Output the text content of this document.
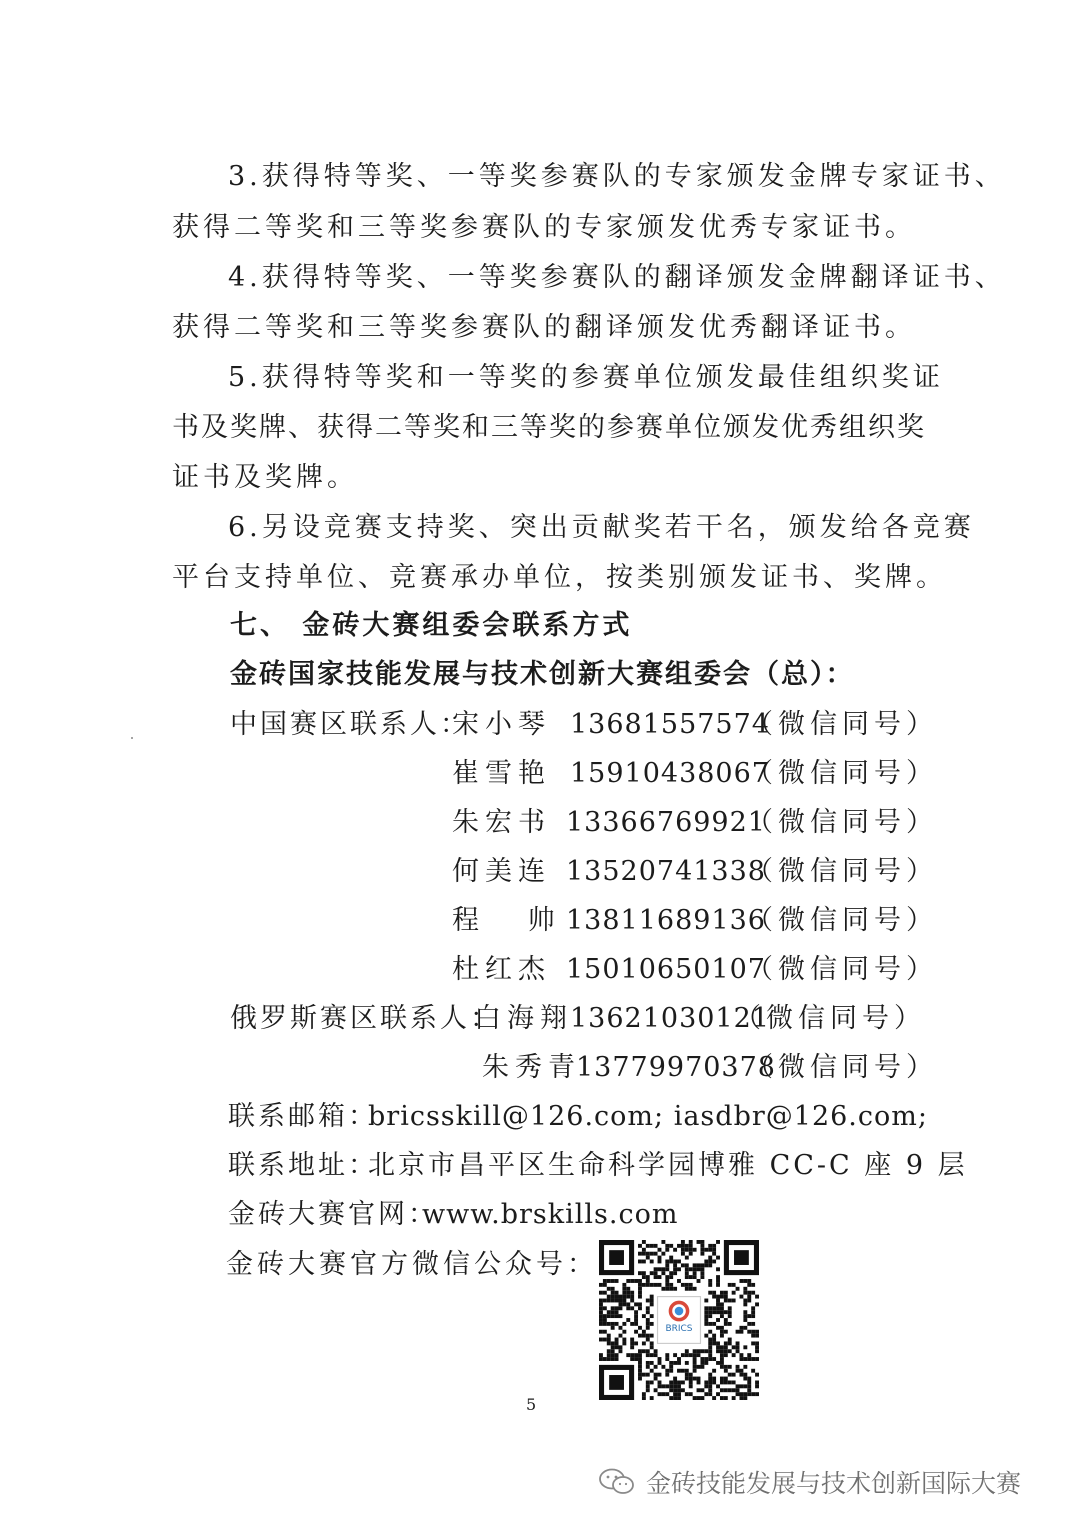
3.获得特等奖、一等奖参赛队的专家颁发金牌专家证书、
获得二等奖和三等奖参赛队的专家颁发优秀专家证书。
4.获得特等奖、一等奖参赛队的翻译颁发金牌翻译证书、
获得二等奖和三等奖参赛队的翻译颁发优秀翻译证书。
5.获得特等奖和一等奖的参赛单位颁发最佳组织奖证
书及奖牌、获得二等奖和三等奖的参赛单位颁发优秀组织奖
证书及奖牌。
6.另设竞赛支持奖、突出贡献奖若干名，颁发给各竞赛
平台支持单位、竞赛承办单位，按类别颁发证书、奖牌。
七、 金砖大赛组委会联系方式
金砖国家技能发展与技术创新大赛组委会（总）：
中国赛区联系人：
宋小琴 13681557574
（微信同号）
崔雪艳 15910438067
（微信同号）
朱宏书 13366769921
（微信同号）
何美连 13520741338
（微信同号）
程 帅
13811689136
（微信同号）
杜红杰 15010650107
（微信同号）
俄罗斯赛区联系人：
白海翔
13621030121
（微信同号）
朱秀青
13779970378
（微信同号）
联系邮箱：
bricsskill@126.com; iasdbr@126.com;
联系地址：
北京市昌平区生命科学园博雅 CC-C 座 9 层
金砖大赛官网：
www.brskills.com
金砖大赛官方微信公众号：
BRICS
5
金砖技能发展与技术创新国际大赛
